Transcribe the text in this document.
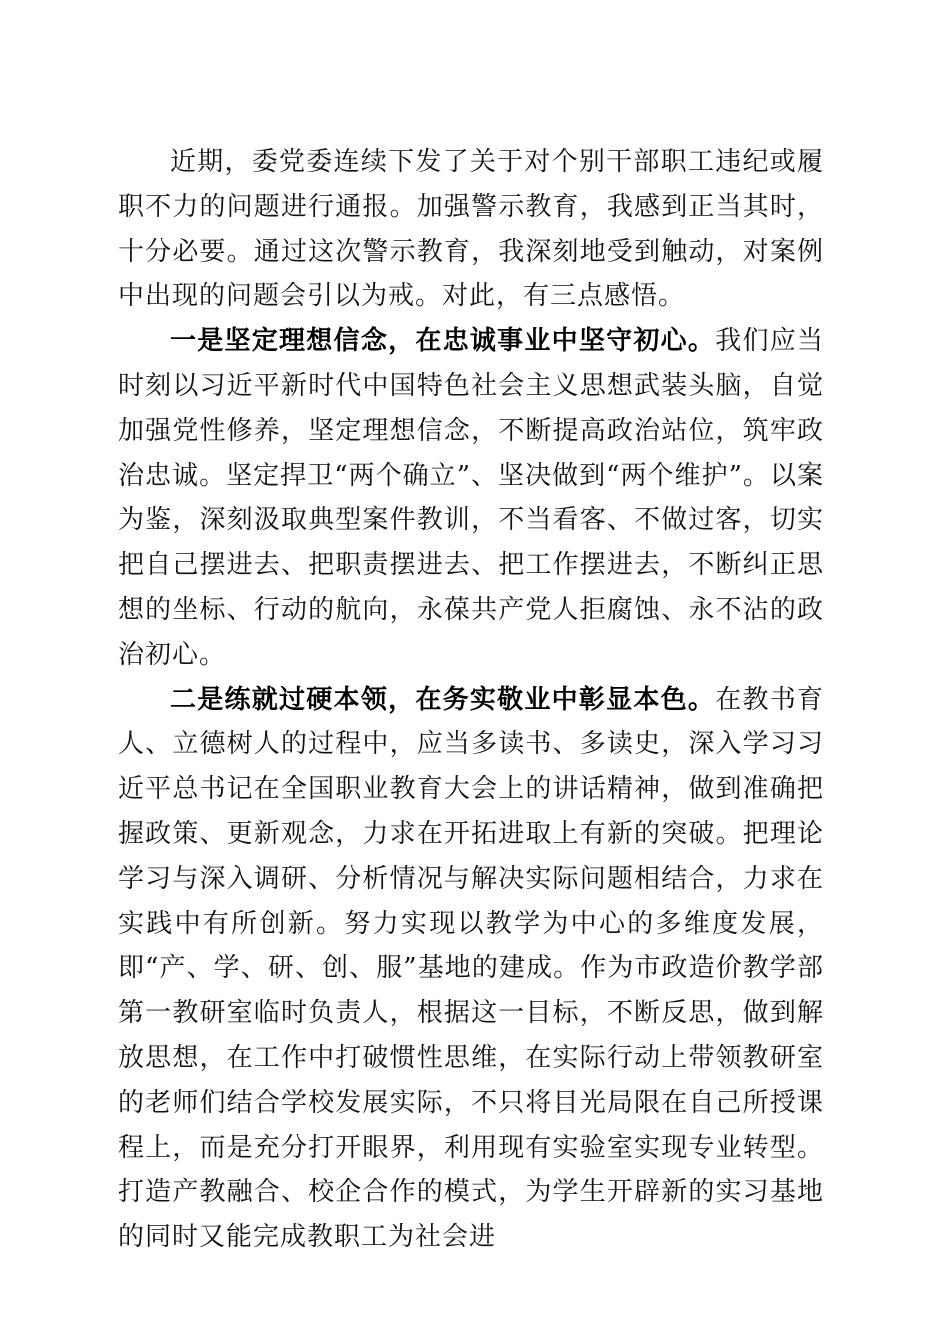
近期，委党委连续下发了关于对个别干部职工违纪或履职不力的问题进行通报。加强警示教育，我感到正当其时，十分必要。通过这次警示教育，我深刻地受到触动，对案例中出现的问题会引以为戒。对此，有三点感悟。

一是坚定理想信念，在忠诚事业中坚守初心。我们应当时刻以习近平新时代中国特色社会主义思想武装头脑，自觉加强党性修养，坚定理想信念，不断提高政治站位，筑牢政治忠诚。坚定捍卫“两个确立”、坚决做到“两个维护”。以案为鉴，深刻汲取典型案件教训，不当看客、不做过客，切实把自己摆进去、把职责摆进去、把工作摆进去，不断纠正思想的坐标、行动的航向，永葆共产党人拒腐蚀、永不沾的政治初心。

二是练就过硬本领，在务实敬业中彰显本色。在教书育人、立德树人的过程中，应当多读书、多读史，深入学习习近平总书记在全国职业教育大会上的讲话精神，做到准确把握政策、更新观念，力求在开拓进取上有新的突破。把理论学习与深入调研、分析情况与解决实际问题相结合，力求在实践中有所创新。努力实现以教学为中心的多维度发展，即“产、学、研、创、服”基地的建成。作为市政造价教学部第一教研室临时负责人，根据这一目标，不断反思，做到解放思想，在工作中打破惯性思维，在实际行动上带领教研室的老师们结合学校发展实际，不只将目光局限在自己所授课程上，而是充分打开眼界，利用现有实验室实现专业转型。打造产教融合、校企合作的模式，为学生开辟新的实习基地的同时又能完成教职工为社会进
